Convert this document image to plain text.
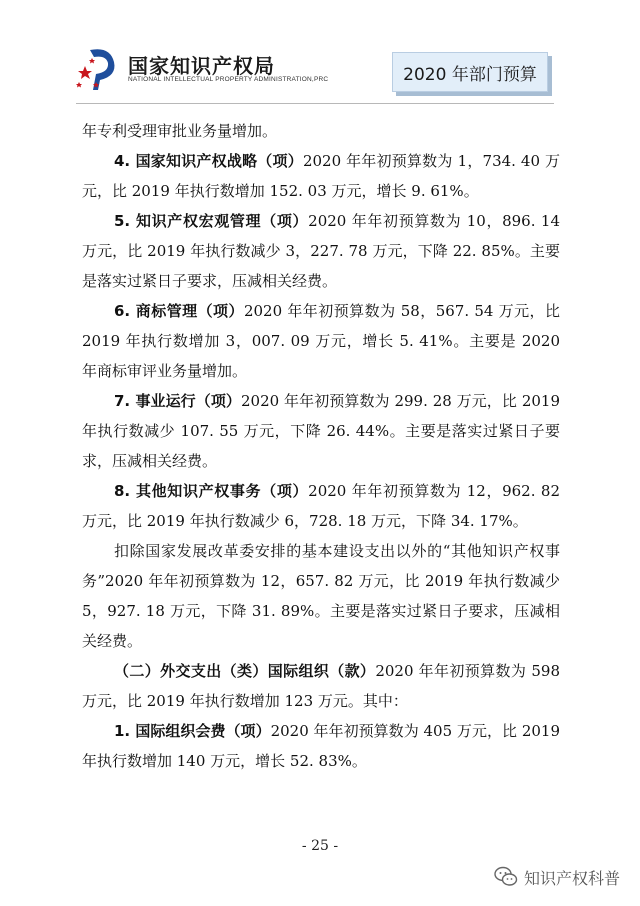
国家知识产权局
NATIONAL INTELLECTUAL PROPERTY ADMINISTRATION,PRC	2020 年部门预算

年专利受理审批业务量增加。

4. 国家知识产权战略（项）2020 年年初预算数为 1，734. 40 万元，比 2019 年执行数增加 152. 03 万元，增长 9. 61%。

5. 知识产权宏观管理（项）2020 年年初预算数为 10，896. 14 万元，比 2019 年执行数减少 3，227. 78 万元，下降 22. 85%。主要是落实过紧日子要求，压减相关经费。

6. 商标管理（项）2020 年年初预算数为 58，567. 54 万元，比 2019 年执行数增加 3，007. 09 万元，增长 5. 41%。主要是 2020 年商标审评业务量增加。

7. 事业运行（项）2020 年年初预算数为 299. 28 万元，比 2019 年执行数减少 107. 55 万元，下降 26. 44%。主要是落实过紧日子要求，压减相关经费。

8. 其他知识产权事务（项）2020 年年初预算数为 12，962. 82 万元，比 2019 年执行数减少 6，728. 18 万元，下降 34. 17%。

扣除国家发展改革委安排的基本建设支出以外的“其他知识产权事务”2020 年年初预算数为 12，657. 82 万元，比 2019 年执行数减少 5，927. 18 万元，下降 31. 89%。主要是落实过紧日子要求，压减相关经费。

（二）外交支出（类）国际组织（款）2020 年年初预算数为 598 万元，比 2019 年执行数增加 123 万元。其中：

1. 国际组织会费（项）2020 年年初预算数为 405 万元，比 2019 年执行数增加 140 万元，增长 52. 83%。

- 25 -
知识产权科普
